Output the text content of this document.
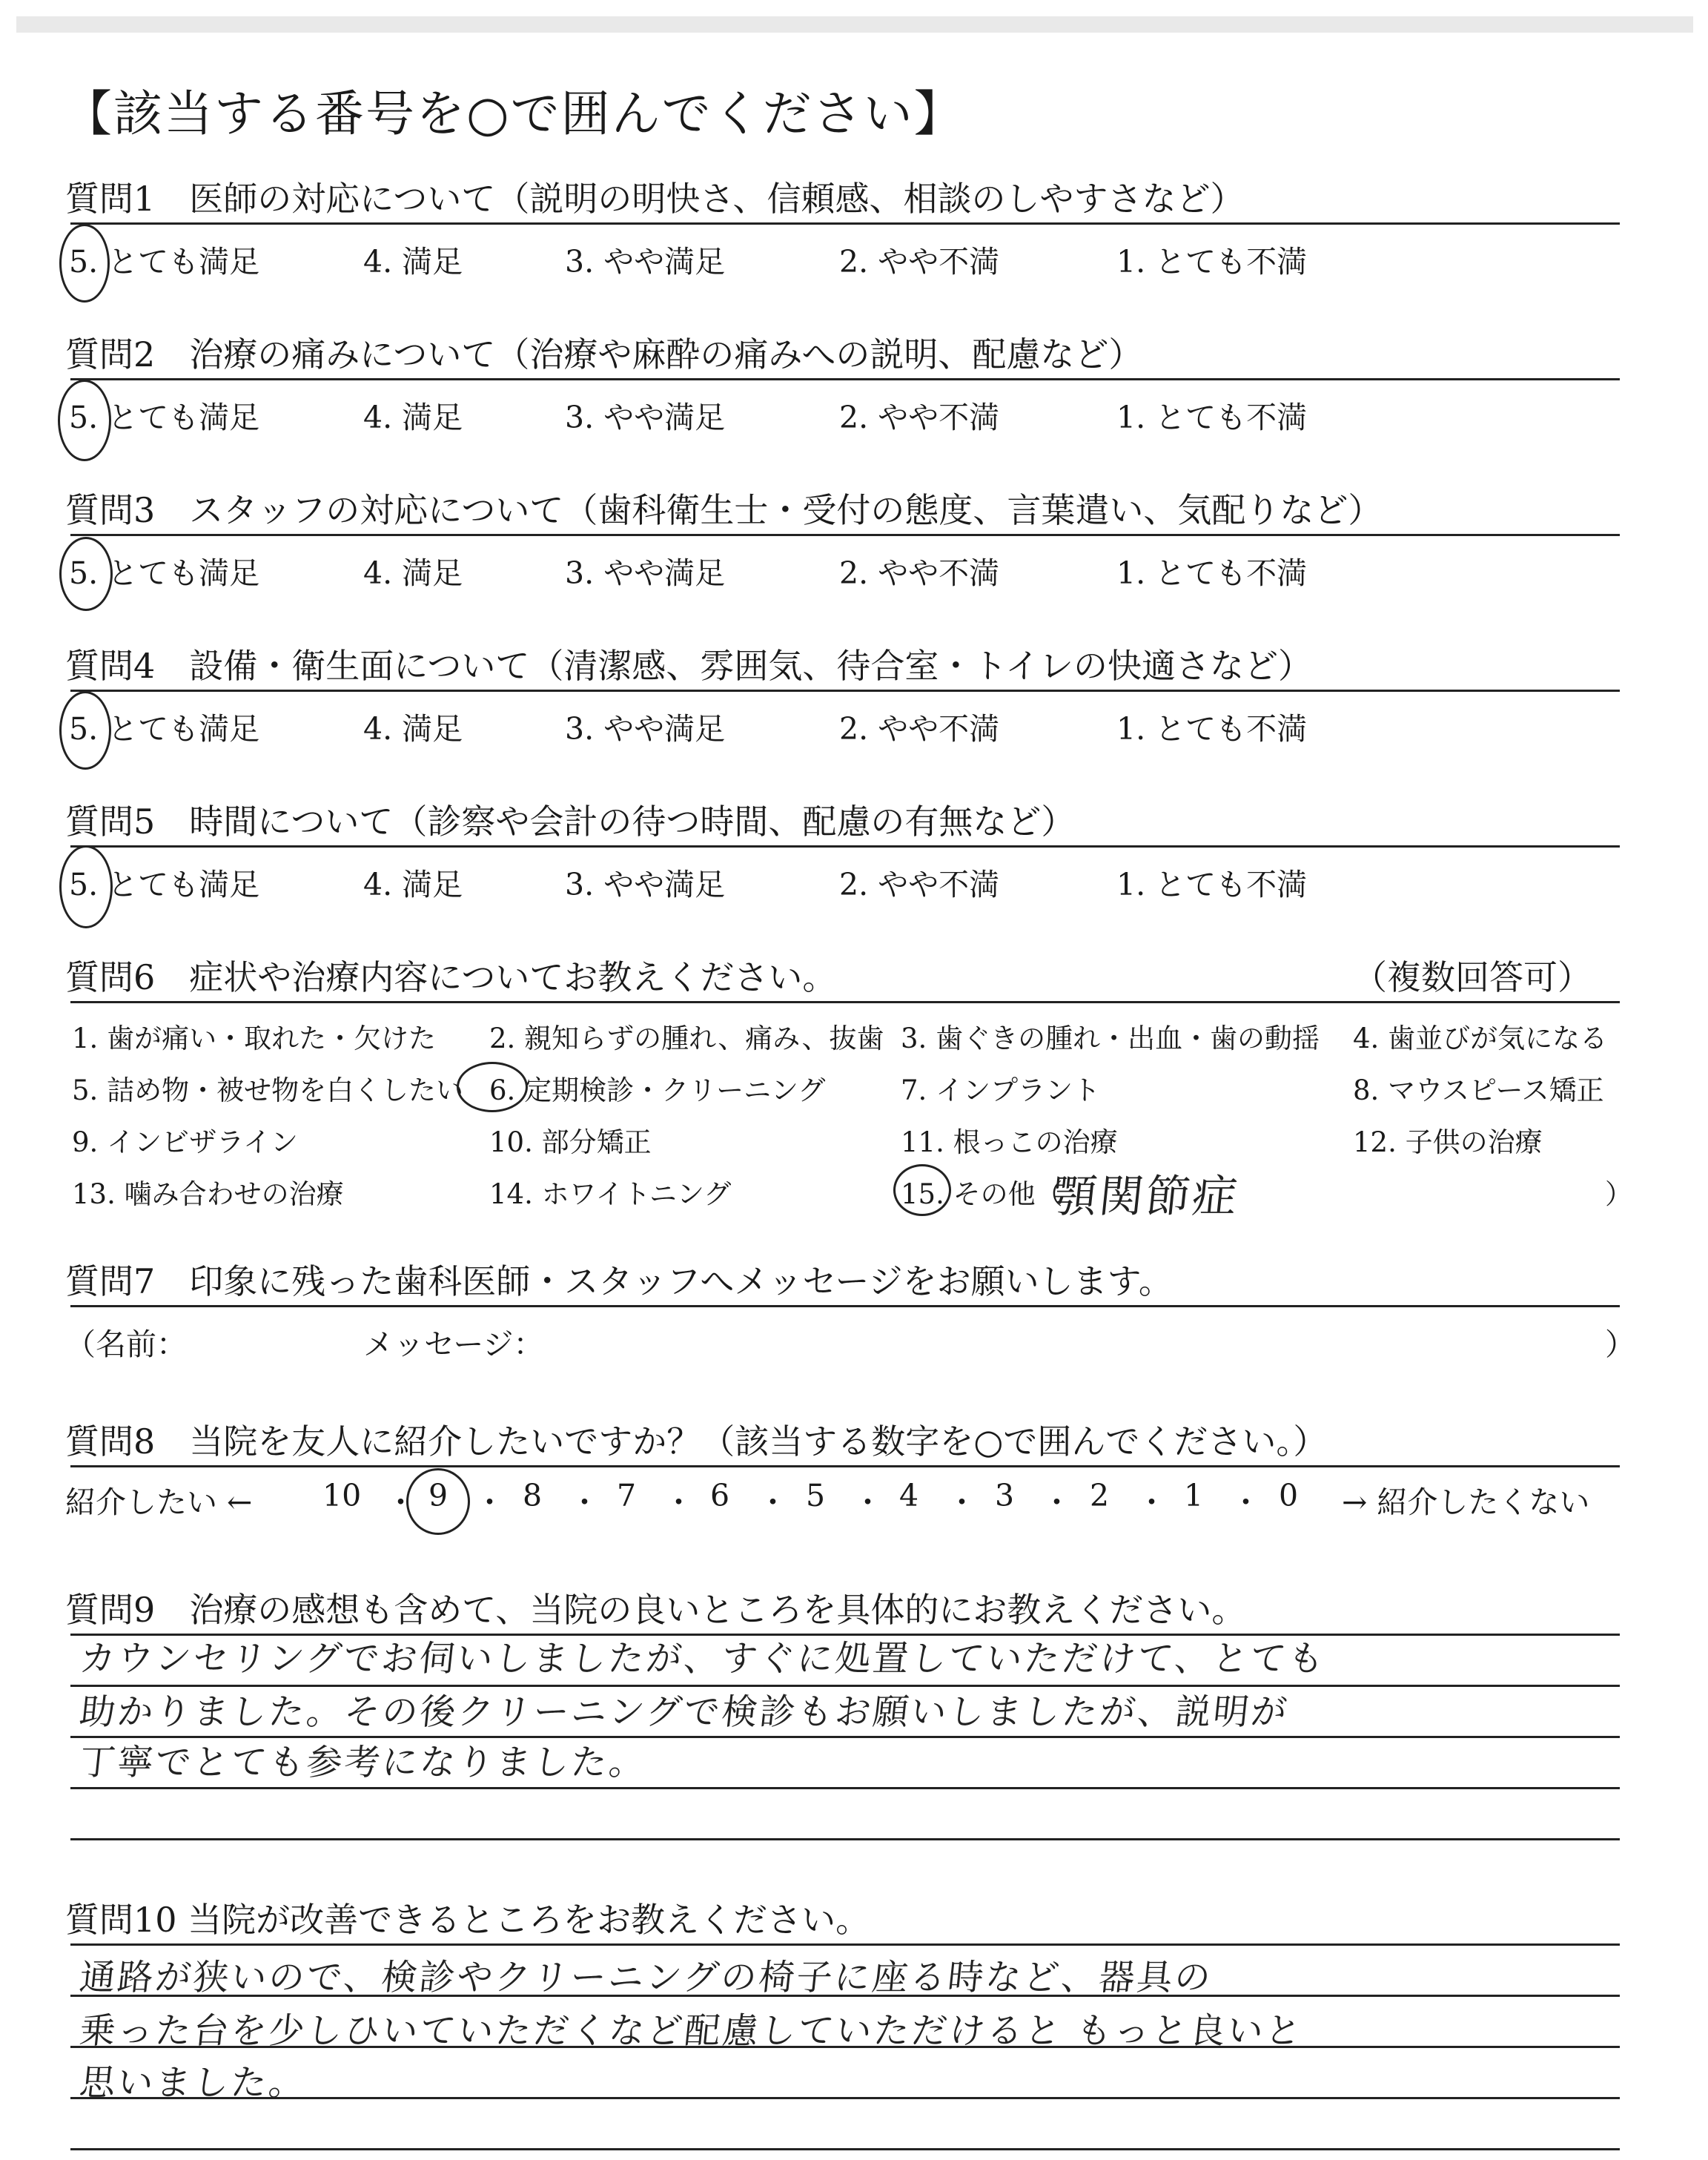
【該当する番号を○で囲んでください】
質問1　医師の対応について（説明の明快さ、信頼感、相談のしやすさなど）
5. とても満足	4. 満足	3. やや満足	2. やや不満	1. とても不満
質問2　治療の痛みについて（治療や麻酔の痛みへの説明、配慮など）
5. とても満足	4. 満足	3. やや満足	2. やや不満	1. とても不満
質問3　スタッフの対応について（歯科衛生士・受付の態度、言葉遣い、気配りなど）
5. とても満足	4. 満足	3. やや満足	2. やや不満	1. とても不満
質問4　設備・衛生面について（清潔感、雰囲気、待合室・トイレの快適さなど）
5. とても満足	4. 満足	3. やや満足	2. やや不満	1. とても不満
質問5　時間について（診察や会計の待つ時間、配慮の有無など）
5. とても満足	4. 満足	3. やや満足	2. やや不満	1. とても不満
質問6　症状や治療内容についてお教えください。	（複数回答可）
1. 歯が痛い・取れた・欠けた 2. 親知らずの腫れ、痛み、抜歯 3. 歯ぐきの腫れ・出血・歯の動揺 4. 歯並びが気になる
5. 詰め物・被せ物を白くしたい 6. 定期検診・クリーニング	7. インプラント	8. マウスピース矯正
9. インビザライン	10. 部分矯正	11. 根っこの治療	12. 子供の治療
13. 噛み合わせの治療	14. ホワイトニング	15. その他（
顎関節症	）
質問7　印象に残った歯科医師・スタッフへメッセージをお願いします。
（名前：	メッセージ：	）
質問8　当院を友人に紹介したいですか？（該当する数字を○で囲んでください。）
紹介したい ←	→ 紹介したくない
10 ・ 9 ・ 8 ・ 7 ・ 6 ・ 5 ・ 4 ・ 3 ・ 2 ・ 1 ・ 0
質問9　治療の感想も含めて、当院の良いところを具体的にお教えください。
カウンセリングでお伺いしましたが、すぐに処置していただけて、とても
助かりました。その後クリーニングで検診もお願いしましたが、説明が
丁寧でとても参考になりました。
質問10 当院が改善できるところをお教えください。
通路が狭いので、検診やクリーニングの椅子に座る時など、器具の
乗った台を少しひいていただくなど配慮していただけると もっと良いと
思いました。
